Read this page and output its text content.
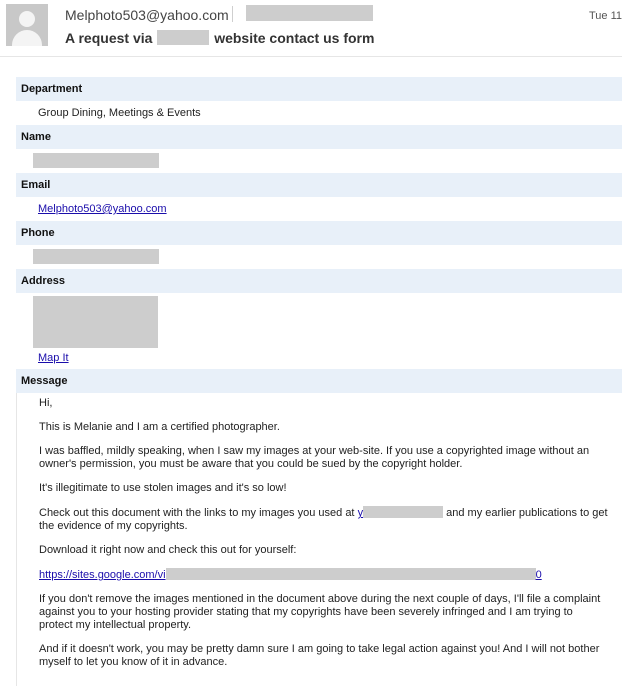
Melphoto503@yahoo.com	Tue 11
A request via	website contact us form
Department
Group Dining, Meetings & Events
Name
Email
Melphoto503@yahoo.com
Phone
Address
Map It
Message

Hi,

This is Melanie and I am a certified photographer.

I was baffled, mildly speaking, when I saw my images at your web-site. If you use a copyrighted image without an owner's permission, you must be aware that you could be sued by the copyright holder.

It's illegitimate to use stolen images and it's so low!

Check out this document with the links to my images you used at y	and my earlier publications to get the evidence of my copyrights.

Download it right now and check this out for yourself:

https://sites.google.com/vi	0

If you don't remove the images mentioned in the document above during the next couple of days, I'll file a complaint against you to your hosting provider stating that my copyrights have been severely infringed and I am trying to protect my intellectual property.

And if it doesn't work, you may be pretty damn sure I am going to take legal action against you! And I will not bother myself to let you know of it in advance.
